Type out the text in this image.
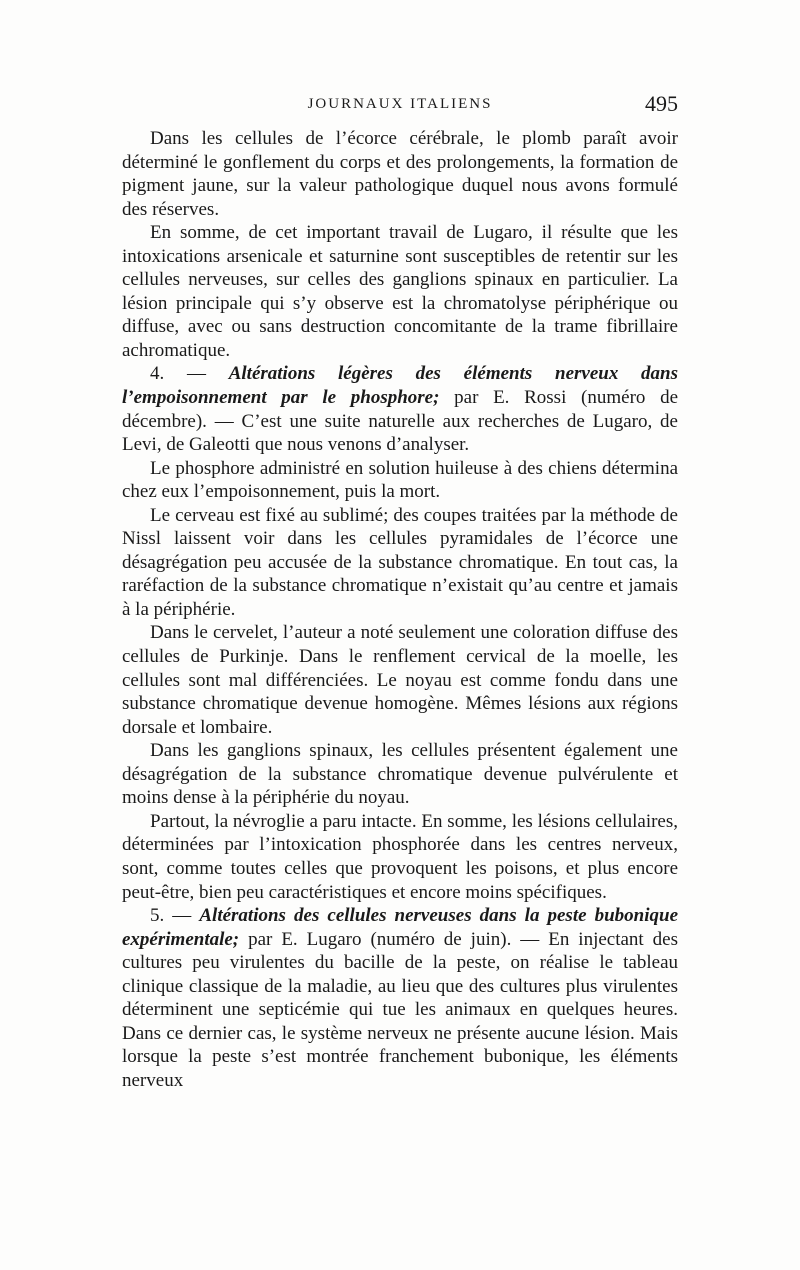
JOURNAUX ITALIENS	495

Dans les cellules de l’écorce cérébrale, le plomb paraît avoir déterminé le gonflement du corps et des prolongements, la formation de pigment jaune, sur la valeur pathologique duquel nous avons formulé des réserves.

En somme, de cet important travail de Lugaro, il résulte que les intoxications arsenicale et saturnine sont susceptibles de retentir sur les cellules nerveuses, sur celles des ganglions spinaux en particulier. La lésion principale qui s’y observe est la chromatolyse périphérique ou diffuse, avec ou sans destruction concomitante de la trame fibrillaire achromatique.

4. — Altérations légères des éléments nerveux dans l’empoisonnement par le phosphore; par E. Rossi (numéro de décembre). — C’est une suite naturelle aux recherches de Lugaro, de Levi, de Galeotti que nous venons d’analyser.

Le phosphore administré en solution huileuse à des chiens détermina chez eux l’empoisonnement, puis la mort.

Le cerveau est fixé au sublimé; des coupes traitées par la méthode de Nissl laissent voir dans les cellules pyramidales de l’écorce une désagrégation peu accusée de la substance chromatique. En tout cas, la raréfaction de la substance chromatique n’existait qu’au centre et jamais à la périphérie.

Dans le cervelet, l’auteur a noté seulement une coloration diffuse des cellules de Purkinje. Dans le renflement cervical de la moelle, les cellules sont mal différenciées. Le noyau est comme fondu dans une substance chromatique devenue homogène. Mêmes lésions aux régions dorsale et lombaire.

Dans les ganglions spinaux, les cellules présentent également une désagrégation de la substance chromatique devenue pulvérulente et moins dense à la périphérie du noyau.

Partout, la névroglie a paru intacte. En somme, les lésions cellulaires, déterminées par l’intoxication phosphorée dans les centres nerveux, sont, comme toutes celles que provoquent les poisons, et plus encore peut-être, bien peu caractéristiques et encore moins spécifiques.

5. — Altérations des cellules nerveuses dans la peste bubonique expérimentale; par E. Lugaro (numéro de juin). — En injectant des cultures peu virulentes du bacille de la peste, on réalise le tableau clinique classique de la maladie, au lieu que des cultures plus virulentes déterminent une septicémie qui tue les animaux en quelques heures. Dans ce dernier cas, le système nerveux ne présente aucune lésion. Mais lorsque la peste s’est montrée franchement bubonique, les éléments nerveux
